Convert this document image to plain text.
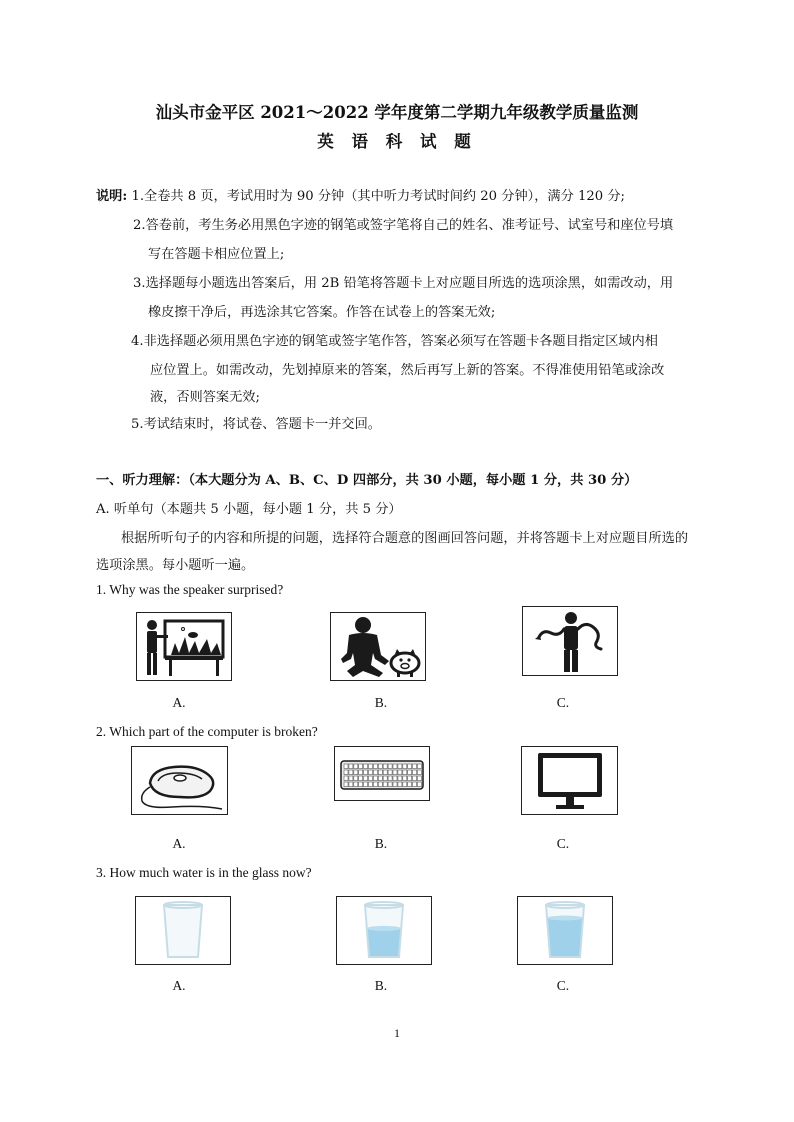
汕头市金平区 2021～2022 学年度第二学期九年级教学质量监测
英 语 科 试 题
说明: 1.全卷共 8 页，考试用时为 90 分钟（其中听力考试时间约 20 分钟），满分 120 分;
2.答卷前，考生务必用黑色字迹的钢笔或签字笔将自己的姓名、准考证号、试室号和座位号填
写在答题卡相应位置上;
3.选择题每小题选出答案后，用 2B 铅笔将答题卡上对应题目所选的选项涂黑，如需改动，用
橡皮擦干净后，再选涂其它答案。作答在试卷上的答案无效;
4.非选择题必须用黑色字迹的钢笔或签字笔作答，答案必须写在答题卡各题目指定区域内相
应位置上。如需改动，先划掉原来的答案，然后再写上新的答案。不得准使用铅笔或涂改
液，否则答案无效;
5.考试结束时，将试卷、答题卡一并交回。
一、听力理解：（本大题分为 A、B、C、D 四部分，共 30 小题，每小题 1 分，共 30 分）
A. 听单句（本题共 5 小题，每小题 1 分，共 5 分）
根据所听句子的内容和所提的问题，选择符合题意的图画回答问题，并将答题卡上对应题目所选的
选项涂黑。每小题听一遍。
1. Why was the speaker surprised?
A.	B.	C.
2. Which part of the computer is broken?
A.	B.	C.
3. How much water is in the glass now?
A.	B.	C.
1
